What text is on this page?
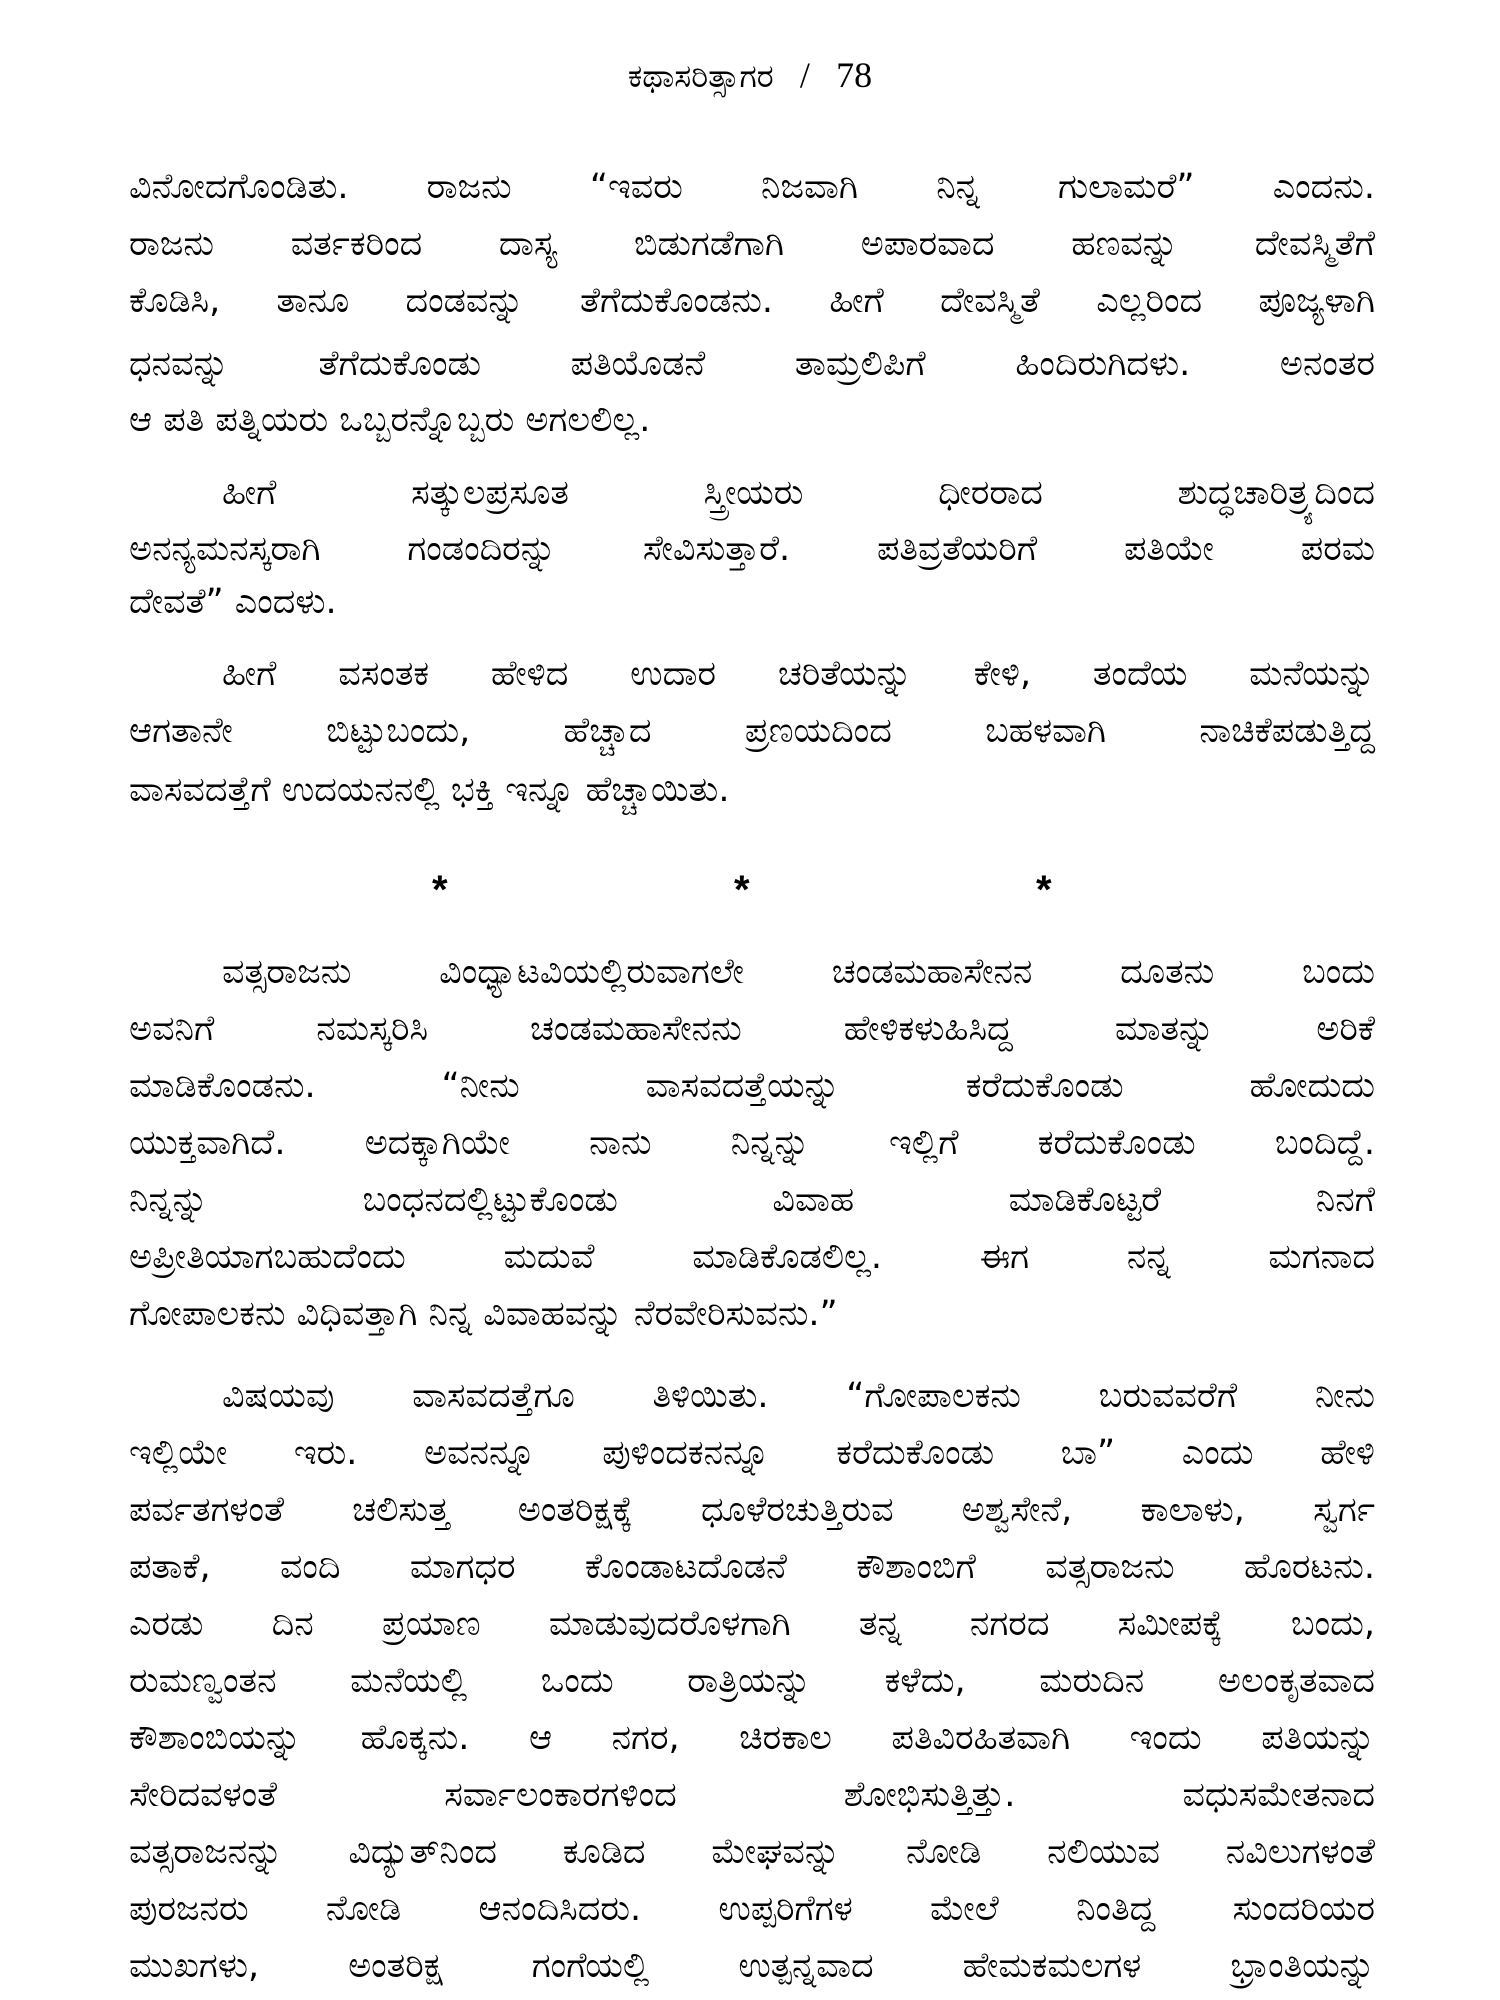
ಕಥಾಸರಿತ್ಸಾಗರ / 78
ವಿನೋದಗೊಂಡಿತು. ರಾಜನು “ಇವರು ನಿಜವಾಗಿ ನಿನ್ನ ಗುಲಾಮರೆ” ಎಂದನು.
ರಾಜನು ವರ್ತಕರಿಂದ ದಾಸ್ಯ ಬಿಡುಗಡೆಗಾಗಿ ಅಪಾರವಾದ ಹಣವನ್ನು ದೇವಸ್ಮಿತೆಗೆ
ಕೊಡಿಸಿ, ತಾನೂ ದಂಡವನ್ನು ತೆಗೆದುಕೊಂಡನು. ಹೀಗೆ ದೇವಸ್ಮಿತೆ ಎಲ್ಲರಿಂದ ಪೂಜ್ಯಳಾಗಿ
ಧನವನ್ನು ತೆಗೆದುಕೊಂಡು ಪತಿಯೊಡನೆ ತಾಮ್ರಲಿಪಿಗೆ ಹಿಂದಿರುಗಿದಳು. ಅನಂತರ
ಆ ಪತಿ ಪತ್ನಿಯರು ಒಬ್ಬರನ್ನೊಬ್ಬರು ಅಗಲಲಿಲ್ಲ.
ಹೀಗೆ ಸತ್ಕುಲಪ್ರಸೂತ ಸ್ತ್ರೀಯರು ಧೀರರಾದ ಶುದ್ಧಚಾರಿತ್ರ್ಯದಿಂದ
ಅನನ್ಯಮನಸ್ಕರಾಗಿ ಗಂಡಂದಿರನ್ನು ಸೇವಿಸುತ್ತಾರೆ. ಪತಿವ್ರತೆಯರಿಗೆ ಪತಿಯೇ ಪರಮ
ದೇವತೆ” ಎಂದಳು.
ಹೀಗೆ ವಸಂತಕ ಹೇಳಿದ ಉದಾರ ಚರಿತೆಯನ್ನು ಕೇಳಿ, ತಂದೆಯ ಮನೆಯನ್ನು
ಆಗತಾನೇ ಬಿಟ್ಟುಬಂದು, ಹೆಚ್ಚಾದ ಪ್ರಣಯದಿಂದ ಬಹಳವಾಗಿ ನಾಚಿಕೆಪಡುತ್ತಿದ್ದ
ವಾಸವದತ್ತೆಗೆ ಉದಯನನಲ್ಲಿ ಭಕ್ತಿ ಇನ್ನೂ ಹೆಚ್ಚಾಯಿತು.
*	*	*
ವತ್ಸರಾಜನು ವಿಂಧ್ಯಾಟವಿಯಲ್ಲಿರುವಾಗಲೇ ಚಂಡಮಹಾಸೇನನ ದೂತನು ಬಂದು
ಅವನಿಗೆ ನಮಸ್ಕರಿಸಿ ಚಂಡಮಹಾಸೇನನು ಹೇಳಿಕಳುಹಿಸಿದ್ದ ಮಾತನ್ನು ಅರಿಕೆ
ಮಾಡಿಕೊಂಡನು. “ನೀನು ವಾಸವದತ್ತೆಯನ್ನು ಕರೆದುಕೊಂಡು ಹೋದುದು
ಯುಕ್ತವಾಗಿದೆ. ಅದಕ್ಕಾಗಿಯೇ ನಾನು ನಿನ್ನನ್ನು ಇಲ್ಲಿಗೆ ಕರೆದುಕೊಂಡು ಬಂದಿದ್ದೆ.
ನಿನ್ನನ್ನು ಬಂಧನದಲ್ಲಿಟ್ಟುಕೊಂಡು ವಿವಾಹ ಮಾಡಿಕೊಟ್ಟರೆ ನಿನಗೆ
ಅಪ್ರೀತಿಯಾಗಬಹುದೆಂದು ಮದುವೆ ಮಾಡಿಕೊಡಲಿಲ್ಲ. ಈಗ ನನ್ನ ಮಗನಾದ
ಗೋಪಾಲಕನು ವಿಧಿವತ್ತಾಗಿ ನಿನ್ನ ವಿವಾಹವನ್ನು ನೆರವೇರಿಸುವನು.”
ವಿಷಯವು ವಾಸವದತ್ತೆಗೂ ತಿಳಿಯಿತು. “ಗೋಪಾಲಕನು ಬರುವವರೆಗೆ ನೀನು
ಇಲ್ಲಿಯೇ ಇರು. ಅವನನ್ನೂ ಪುಳಿಂದಕನನ್ನೂ ಕರೆದುಕೊಂಡು ಬಾ” ಎಂದು ಹೇಳಿ
ಪರ್ವತಗಳಂತೆ ಚಲಿಸುತ್ತ ಅಂತರಿಕ್ಷಕ್ಕೆ ಧೂಳೆರಚುತ್ತಿರುವ ಅಶ್ವಸೇನೆ, ಕಾಲಾಳು, ಸ್ವರ್ಗ
ಪತಾಕೆ, ವಂದಿ ಮಾಗಧರ ಕೊಂಡಾಟದೊಡನೆ ಕೌಶಾಂಬಿಗೆ ವತ್ಸರಾಜನು ಹೊರಟನು.
ಎರಡು ದಿನ ಪ್ರಯಾಣ ಮಾಡುವುದರೊಳಗಾಗಿ ತನ್ನ ನಗರದ ಸಮೀಪಕ್ಕೆ ಬಂದು,
ರುಮಣ್ವಂತನ ಮನೆಯಲ್ಲಿ ಒಂದು ರಾತ್ರಿಯನ್ನು ಕಳೆದು, ಮರುದಿನ ಅಲಂಕೃತವಾದ
ಕೌಶಾಂಬಿಯನ್ನು ಹೊಕ್ಕನು. ಆ ನಗರ, ಚಿರಕಾಲ ಪತಿವಿರಹಿತವಾಗಿ ಇಂದು ಪತಿಯನ್ನು
ಸೇರಿದವಳಂತೆ ಸರ್ವಾಲಂಕಾರಗಳಿಂದ ಶೋಭಿಸುತ್ತಿತ್ತು. ವಧುಸಮೇತನಾದ
ವತ್ಸರಾಜನನ್ನು ವಿದ್ಯುತ್‌ನಿಂದ ಕೂಡಿದ ಮೇಘವನ್ನು ನೋಡಿ ನಲಿಯುವ ನವಿಲುಗಳಂತೆ
ಪುರಜನರು ನೋಡಿ ಆನಂದಿಸಿದರು. ಉಪ್ಪರಿಗೆಗಳ ಮೇಲೆ ನಿಂತಿದ್ದ ಸುಂದರಿಯರ
ಮುಖಗಳು, ಅಂತರಿಕ್ಷ ಗಂಗೆಯಲ್ಲಿ ಉತ್ಪನ್ನವಾದ ಹೇಮಕಮಲಗಳ ಭ್ರಾಂತಿಯನ್ನು
